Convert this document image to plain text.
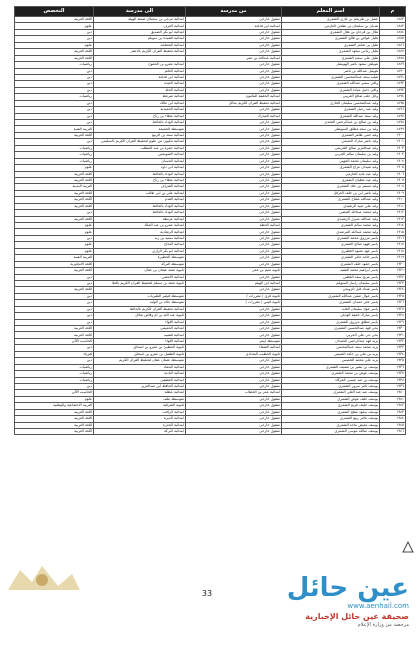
م	اسم المعلم	من مدرسة	الى مدرسة	التخصص
١٨٨٢	عقيل بن طريخم بن غازي الشمري	منقول خارجي	ابتدائية مرخي بن سحيلان ضمنة الهيلة	اللغة العربية
١٨٨٣	هديان بن سليمان بن نطحي العازمي	ابتدائية ابن قدامة	ابتدائية العرف	علوم
١٨٨٤	هلال بن فرحان بن هلال الشمري	منقول خارجي	ابتدائية ابو بكر الصديق	دين
١٨٨٥	هليل عواض بن فالح الشمري	منقول خارجي	ابتدائية قصيدة بن سويلم	دين
١٨٨٦	هليل بن شاهر الشمري	منقول خارجي	ابتدائية المعتلجه	علوم
١٨٨٧	هليل رداس سعود الشمري	منقول خارجي	ابتدائية تحفيظ القران الكريم بالاعفر	اللغة العربية
١٨٨٨	هليل علي سعيد الشمري	ابتدائية عبدالله بن عمر		اللغة العربية
١٨٨٩	هوبلش سعود ناصر الهويشل	منقول خارجي	ابتدائية عمرو بن الجموح	رياضيات
١٨٩٠	هويمل عبدالله بن ناصر	منقول خارجي	ابتدائية الغانم	دين
١٨٩١	هيليه سعد عبدالمحسن الشمري	منقول خارجي	ابتدائية ابن قدامة	دين
١٨٩٢	وافي سمير عبدالله الشمري	منقول خارجي	ابتدائية الغيدة	دين
١٨٩٣	وافي دخيل عيادة الشمري	منقول خارجي	ابتدائية الخلة	دين
١٨٩٤	وائل حلب صالح الغريبي	ابتدائية الخليفة المأمون	ابتدائية ضرغط	رياضيات
١٨٩٥	وليد عبدالمحسن سليمان الحازي	ابتدائية تحفيظ القرآن الكريم بحائل	ابتدائية ابن مالك	دين
١٨٩٦	وليد عبد رحيل الشمري	منقول خارجي	ابتدائية الحميدية	دين
١٨٩٧	وليد سعد عبدالله الشمري	ابتدائية المبارك	ابتدائية عطاء بن رباح	دين
١٨٩٨	وليد بن صالح بن عبدالرحمن الجعدي	منقول خارجي	ابتدائية الوداد بالحائط	دين
١٨٩٩	وليد بن سعد مطلق السويطي	منقول خارجي	متوسطة الحميمة	التربية الفنية
١٩٠٠	وليد حمي ظاهر الشمري	منقول خارجي	ابتدائية سعد بن الربيع	اللغة العربية
١٩٠١	وليد ناصر مبارك التميمي	منقول خارجي	ابتدائية مكيون من علوم لتحفيظ القرآن الكريم بالسليمي	دين
١٩٠٢	وليد عبدالعزيز صالح الحزيمي	منقول خارجي	ابتدائية حمزة بن عبد المطلب	رياضيات
١٩٠٣	وليد بن سليمان سالم الحربي	منقول خارجي	ابتدائية الشويمس	رياضيات
١٩٠٤	وليد سليمان محمد الجهني	منقول خارجي	ابتدائية الحسان	رياضيات
١٩٠٥	وليد ضيدان عراع الشمري	منقول خارجي	ابتدائية ابي داود	علوم
١٩٠٦	وليد عيد عايد الحازمي	منقول خارجي	ابتدائية الوداد بالحائط	اللغة العربية
١٩٠٧	وليد عيد عطيان الشمري	منقول خارجي	ابتدائية عطاء بن رباح	اللغة العربية
١٩٠٨	وليد مسفر بن جلاد الشمري	منقول خارجي	ابتدائية الشراف	التربية البدنية
١٩٠٩	وليد ناصر ابن بن خلف العرقل	منقول خارجي	ابتدائية علي بن ابي طالب	اللغة العربية
١٩١٠	وليد عبدالله مفتاح الشمري	منقول خارجي	ابتدائية القدم	اللغة العربية
١٩١١	وليد علي عبيد الرشيدي	منقول خارجي	ابتدائية الوداد بالحائط	اللغة العربية
١٩١٢	وليد محمد عبدالله الغيضي	منقول خارجي	ابتدائية الوداد بالحائط	دين
١٩١٣	وليد عبدالله منيزل الرشيدي	منقول خارجي	ابتدائية عرنطة	اللغة العربية
١٩١٤	وليد محمد سالم الشمري	ابتدائية الحطة	ابتدائية عمرو بن عبد الملك	علوم
١٩١٥	وليد محمد عبدالله المرشدي	منقول خارجي	ابتدائية الرشادية	علوم
١٩١٦	ياسر مرزوق محمد الشمري	منقول خارجي	ابتدائية سعيد بن زيد	دين
١٩١٧	ياسر فهود صالح الشمري	منقول خارجي	ابتدائية النجاح	علوم
١٩١٨	ياسر عهد معبود العطيري	منقول خارجي	ابتدائية ابو بكر الرازي	علوم
١٩١٩	ياسر حامد عامر الشمري	منقول خارجي	متوسطة الحطيرة	التربية الفنية
١٩٢٠	ياسر حمود خلف الشمري	منقول خارجي	متوسطة البركة	اللغة الانجليزية
١٩٢١	ياسر ابراهيم محمد الفقيه	ثانوية نعيم بن عمر	ثانوية نعمة عثمان بن عفان	اللغة العربية
١٩٢٢	ياسر مربح سعد العطين	منقول خارجي	ابتدائية الانتشي	دين
١٩٢٣	ياسر سليمان راسل السويلم	ابتدائية ابن الهيثم	ثانوية نعمة بن مسلم لتحفيظ القرآن الكريم بالعلا	دين
١٩٢٤	ياسر شداد قبل الزويمي	منقول خارجي		اللغة العربية
١٩٢٥	ياسر عوال ضمن عبدالله الشمري	ثانوية قرى ( مقررات )	متوسطة قيصر الطبريات	دين
١٩٢٦	ياسر علي حمدان الشمري	ثانوية قيس ( مقررات )	متوسطة خالد بن الوليد	دين
١٩٢٧	ياسر عواد سليمان الفايد	منقول خارجي	ابتدائية تحفيظ القرآن الكريم بالحائط	دين
١٩٢٨	ياسر مبارك خليفة الوايلي	منقول خارجي	ثانوية عبد الله بن ام وقاص بحائل	دين
١٩٢٩	ياسر مطلق مرزوق الشمري	منقول خارجي	ابتدائية اللواء	دين
١٩٣٠	يحي فهد عبدالحسين الشمري	منقول خارجي	ابتدائية الحميمي	اللغة العربية
١٩٣١	يحي حي علي الحربي	منقول خارجي	ابتدائية قشبيه	اللغة العربية
١٩٣٢	يزيد فهد عبدالرحمن الحمدان	متوسطة ابيغر	ابتدائية اللواء	الحاسب الآلي
١٩٣٣	يزيد محمد سعد عبدالمحسن	ابتدائية الشفاء	ثانوية الحطيئ بن عمرو بن اسحاق	دين
١٩٣٤	يزيد بن علي بن حامد التميمي	ثانوية الخطيب البغدادي	ثانوية الطفيل بن عمرو بن اسحاق	فيزياء
١٩٣٥	يزيد علي محمد الخميس	منقول خارجي	متوسطة عثمان عفان لتحفيظ القرآن الكريم	دين
١٩٣٦	يوسف بن بشير بن مصيف الشمري	منقول خارجي	ابتدائية الحماد	رياضيات
١٩٣٧	يوسف عوض بن محمد الشمري	منقول خارجي	ابتدائية البادية	رياضيات
١٩٣٨	يوسف بن عبد عيسى المركاد	منقول خارجي	ابتدائية العطيفي	رياضيات
١٩٣٩	يوسف ثامر سرور الشمري	منقول خارجي	ابتدائية الحافظ ابن عبدالعزيز	دين
١٩٤٠	يوسف عيد عبد العلي الشمري	ابتدائية عمر بن الخطاب	ابتدائية عطلة	الحاسب الآلي
١٩٤١	يوسف خلف عوض الشمري	منقول خارجي	متوسطة ملف	علوم
١٩٤٢	يوسف خليف فريح الشمري	منقول خارجي	ثانوية الشرقية	التربية الاجتماعية والوطنية
١٩٤٣	يوسف سعود مفلح الشمري	منقول خارجي	ابتدائية الراقب	اللغة العربية
١٩٤٤	يوسف عامر ربيع الشمري	منقول خارجي	ابتدائية الديرة	اللغة العربية
١٩٤٥	يوسف معيض ماجد الشمري	منقول خارجي	ابتدائية الخدرة	اللغة العربية
١٩٤٦	يوسف عبالله موسى الشمري	منقول خارجي	ابتدائية البركة	اللغة العربية
33	عين حائل
www.aenhail.com
صحيفة عين حائل الإخبارية
مرخصة من وزارة الإعلام
